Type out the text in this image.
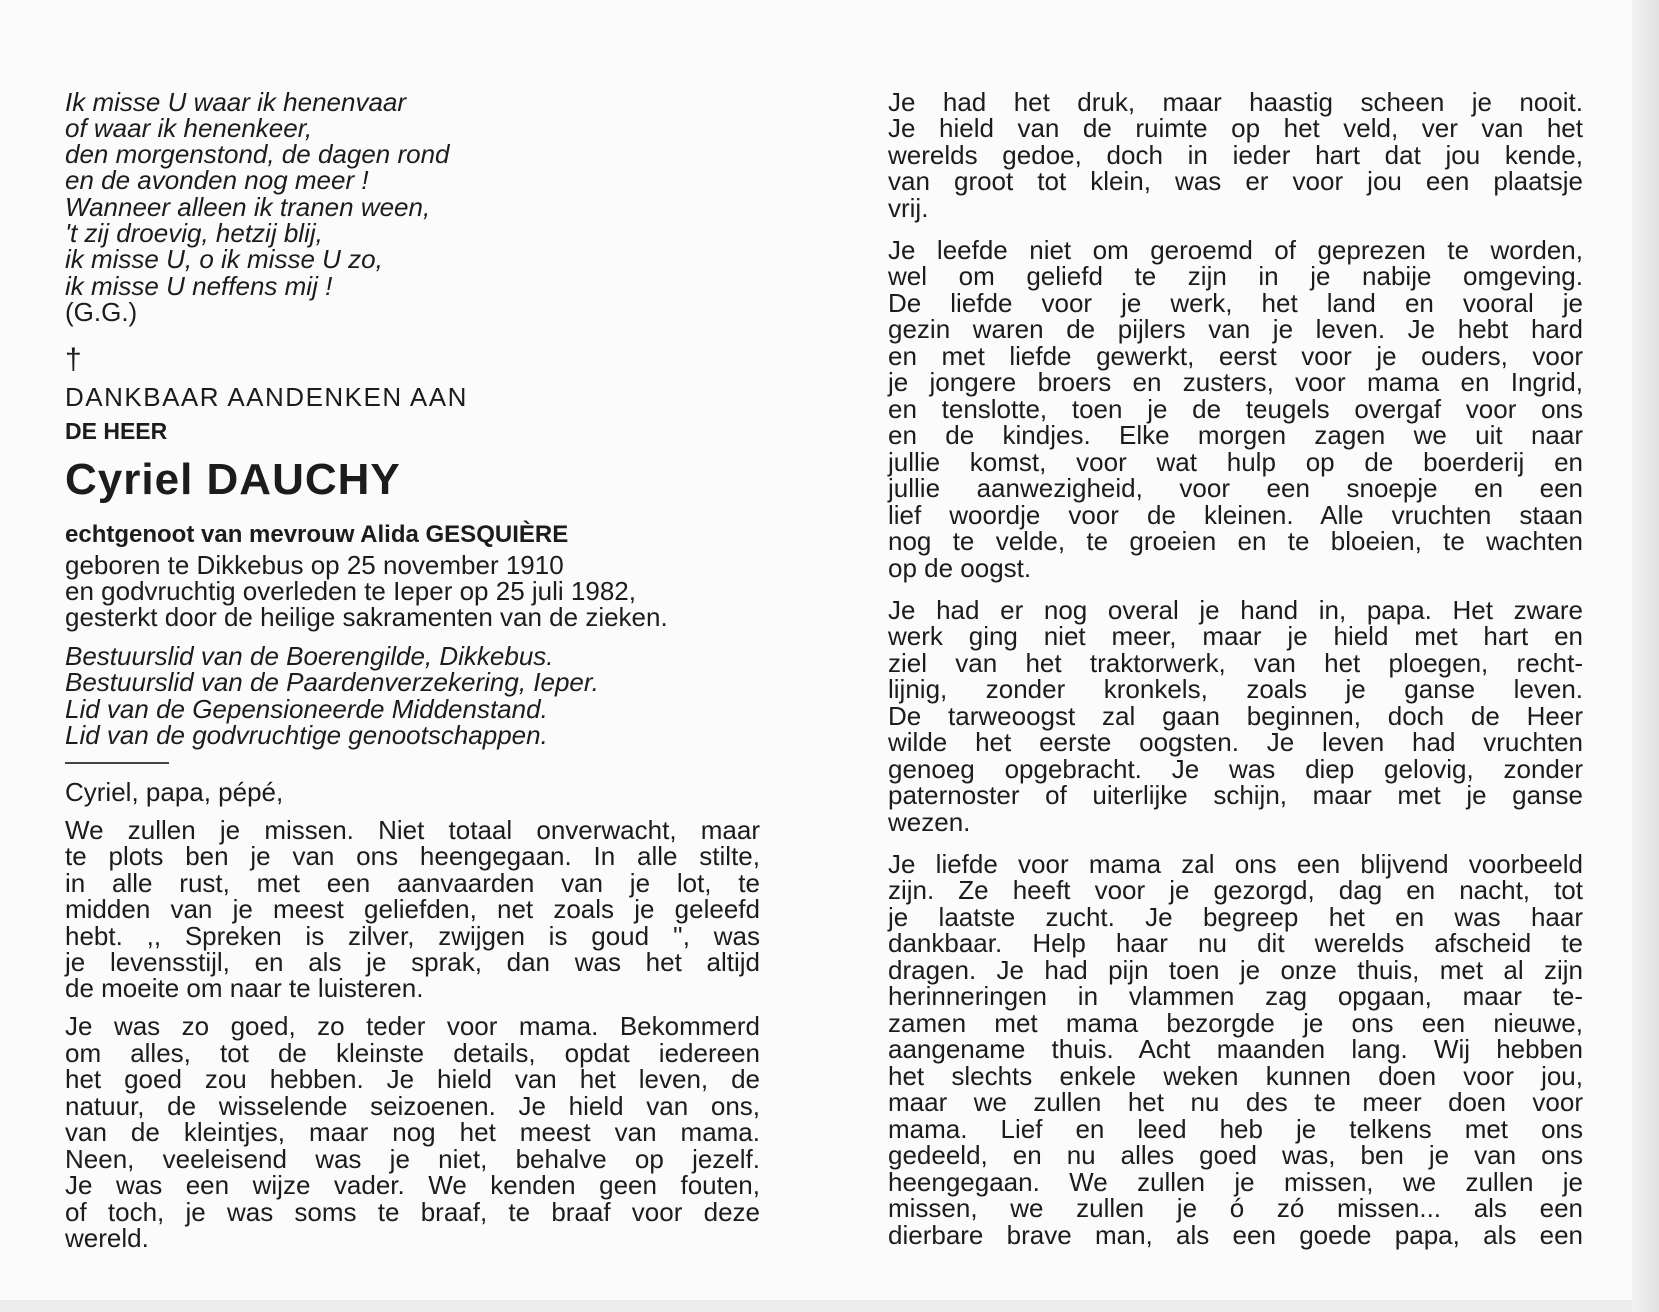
Ik misse U waar ik henenvaar
of waar ik henenkeer,
den morgenstond, de dagen rond
en de avonden nog meer !
Wanneer alleen ik tranen ween,
't zij droevig, hetzij blij,
ik misse U, o ik misse U zo,
ik misse U neffens mij !
(G.G.)
†
DANKBAAR AANDENKEN AAN
DE HEER
Cyriel DAUCHY
echtgenoot van mevrouw Alida GESQUIÈRE
geboren te Dikkebus op 25 november 1910
en godvruchtig overleden te Ieper op 25 juli 1982,
gesterkt door de heilige sakramenten van de zieken.
Bestuurslid van de Boerengilde, Dikkebus.
Bestuurslid van de Paardenverzekering, Ieper.
Lid van de Gepensioneerde Middenstand.
Lid van de godvruchtige genootschappen.
Cyriel, papa, pépé,
We zullen je missen. Niet totaal onverwacht, maar
te plots ben je van ons heengegaan. In alle stilte,
in alle rust, met een aanvaarden van je lot, te
midden van je meest geliefden, net zoals je geleefd
hebt. ,, Spreken is zilver, zwijgen is goud '', was
je levensstijl, en als je sprak, dan was het altijd
de moeite om naar te luisteren.
Je was zo goed, zo teder voor mama. Bekommerd
om alles, tot de kleinste details, opdat iedereen
het goed zou hebben. Je hield van het leven, de
natuur, de wisselende seizoenen. Je hield van ons,
van de kleintjes, maar nog het meest van mama.
Neen, veeleisend was je niet, behalve op jezelf.
Je was een wijze vader. We kenden geen fouten,
of toch, je was soms te braaf, te braaf voor deze
wereld.
Je had het druk, maar haastig scheen je nooit.
Je hield van de ruimte op het veld, ver van het
werelds gedoe, doch in ieder hart dat jou kende,
van groot tot klein, was er voor jou een plaatsje
vrij.
Je leefde niet om geroemd of geprezen te worden,
wel om geliefd te zijn in je nabije omgeving.
De liefde voor je werk, het land en vooral je
gezin waren de pijlers van je leven. Je hebt hard
en met liefde gewerkt, eerst voor je ouders, voor
je jongere broers en zusters, voor mama en Ingrid,
en tenslotte, toen je de teugels overgaf voor ons
en de kindjes. Elke morgen zagen we uit naar
jullie komst, voor wat hulp op de boerderij en
jullie aanwezigheid, voor een snoepje en een
lief woordje voor de kleinen. Alle vruchten staan
nog te velde, te groeien en te bloeien, te wachten
op de oogst.
Je had er nog overal je hand in, papa. Het zware
werk ging niet meer, maar je hield met hart en
ziel van het traktorwerk, van het ploegen, recht-
lijnig, zonder kronkels, zoals je ganse leven.
De tarweoogst zal gaan beginnen, doch de Heer
wilde het eerste oogsten. Je leven had vruchten
genoeg opgebracht. Je was diep gelovig, zonder
paternoster of uiterlijke schijn, maar met je ganse
wezen.
Je liefde voor mama zal ons een blijvend voorbeeld
zijn. Ze heeft voor je gezorgd, dag en nacht, tot
je laatste zucht. Je begreep het en was haar
dankbaar. Help haar nu dit werelds afscheid te
dragen. Je had pijn toen je onze thuis, met al zijn
herinneringen in vlammen zag opgaan, maar te-
zamen met mama bezorgde je ons een nieuwe,
aangename thuis. Acht maanden lang. Wij hebben
het slechts enkele weken kunnen doen voor jou,
maar we zullen het nu des te meer doen voor
mama. Lief en leed heb je telkens met ons
gedeeld, en nu alles goed was, ben je van ons
heengegaan. We zullen je missen, we zullen je
missen, we zullen je ó zó missen... als een
dierbare brave man, als een goede papa, als een
